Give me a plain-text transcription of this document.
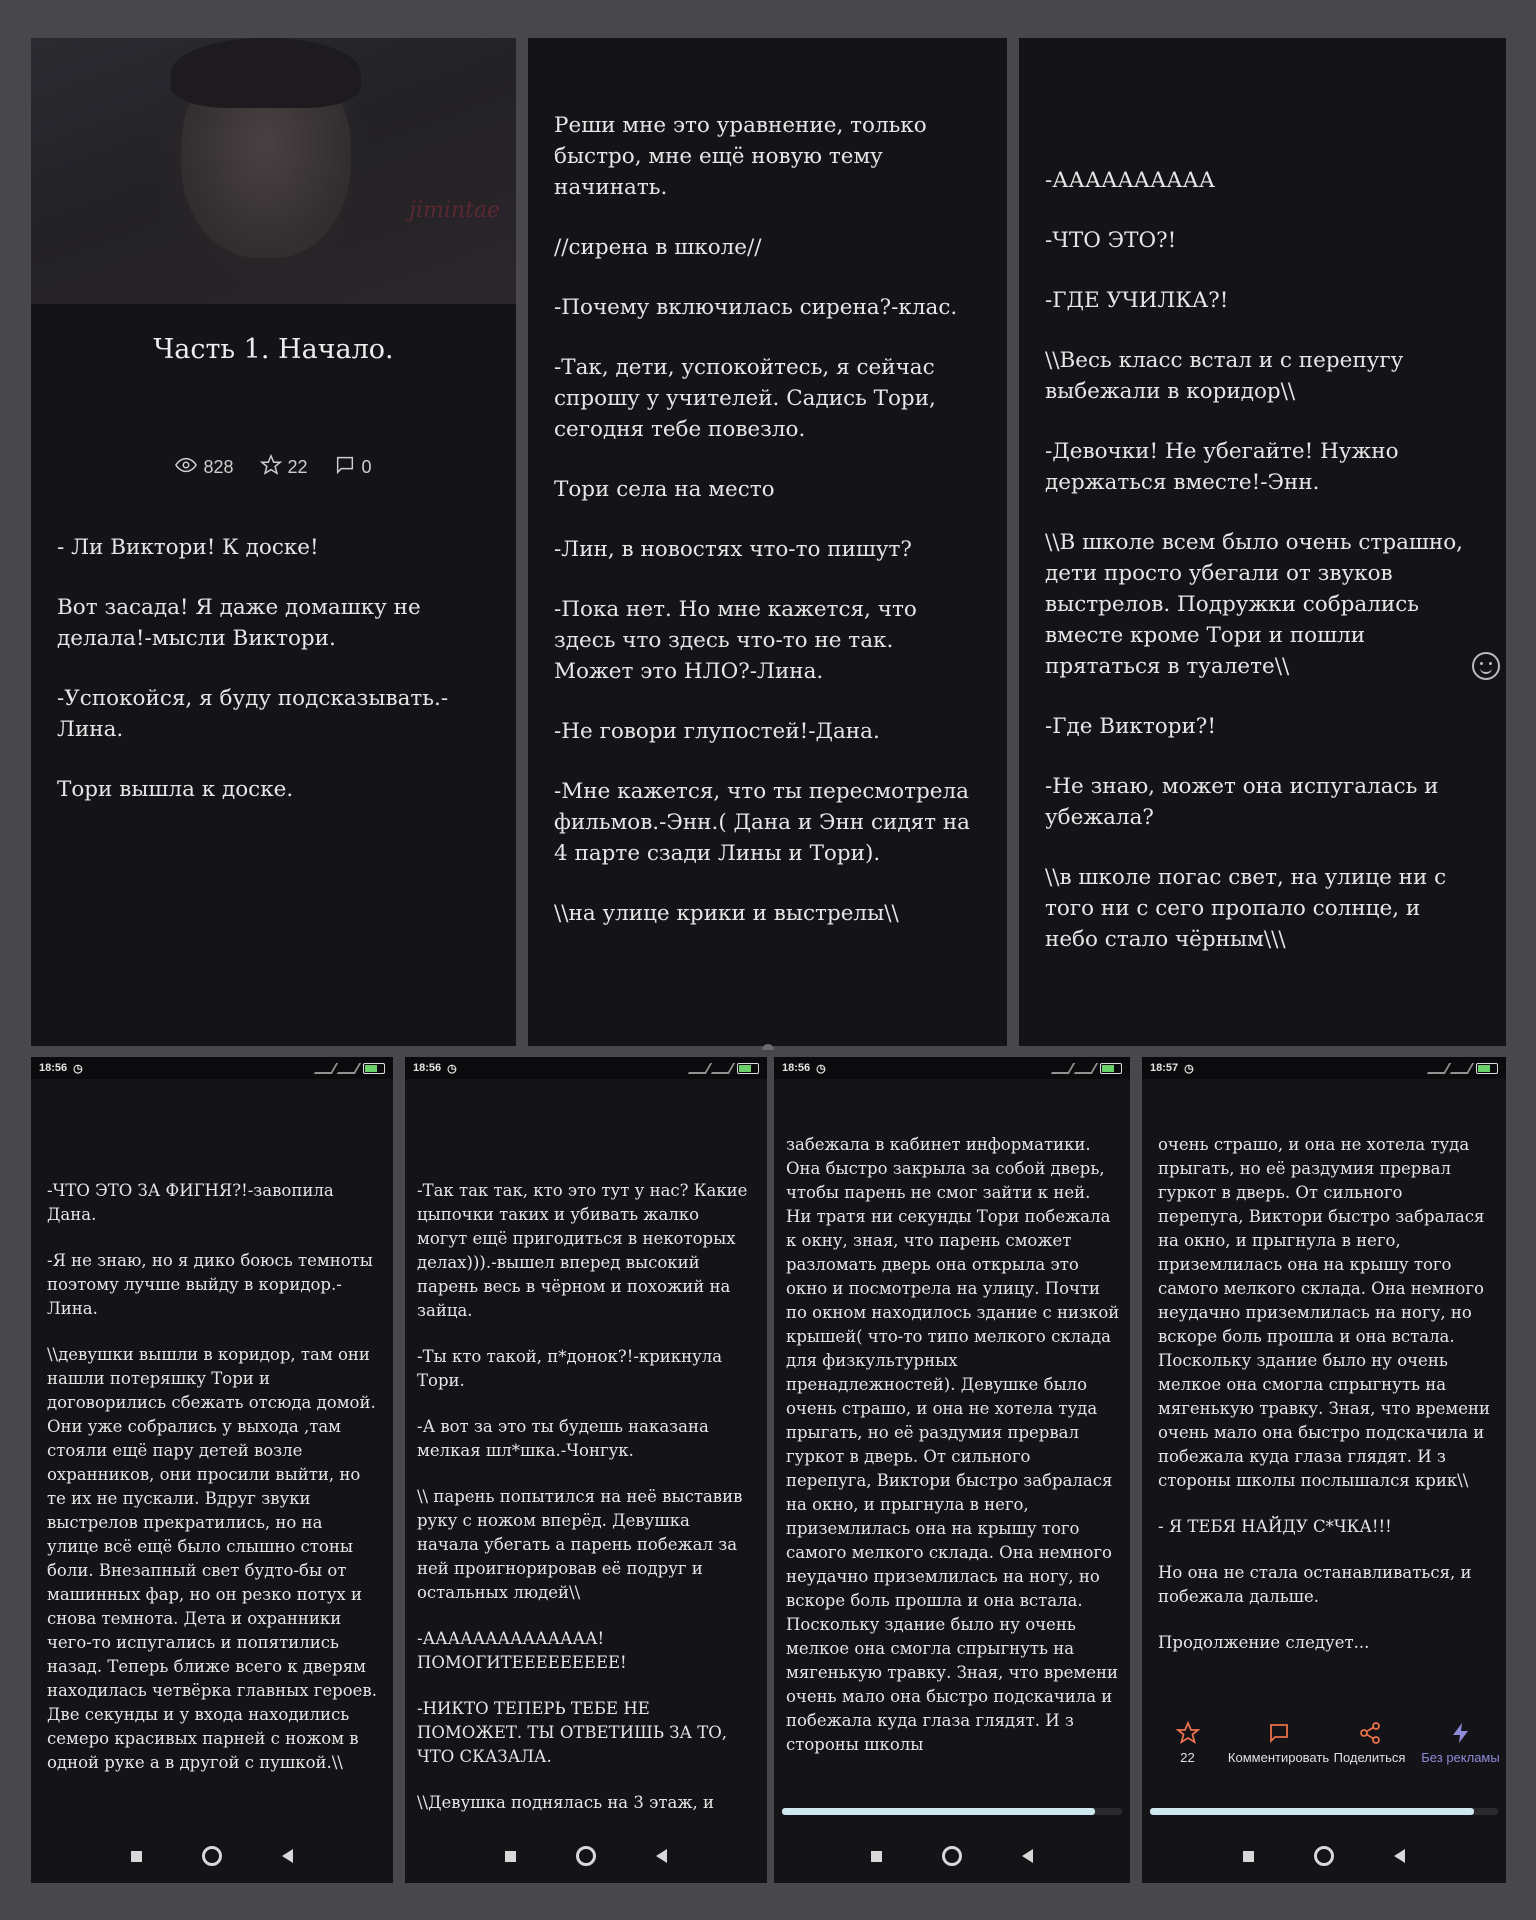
jimintae
Часть 1. Начало.
828	22	0

- Ли Виктори! К доске!

Вот засада! Я даже домашку не делала!-мысли Виктори.

-Успокойся, я буду подсказывать.-Лина.

Тори вышла к доске.

Реши мне это уравнение, только быстро, мне ещё новую тему начинать.

//сирена в школе//

-Почему включилась сирена?-клас.

-Так, дети, успокойтесь, я сейчас спрошу у учителей. Садись Тори, сегодня тебе повезло.

Тори села на место

-Лин, в новостях что-то пишут?

-Пока нет. Но мне кажется, что здесь что здесь что-то не так. Может это НЛО?-Лина.

-Не говори глупостей!-Дана.

-Мне кажется, что ты пересмотрела фильмов.-Энн.( Дана и Энн сидят на 4 парте сзади Лины и Тори).

\\на улице крики и выстрелы\\

-АААААААААА

-ЧТО ЭТО?!

-ГДЕ УЧИЛКА?!

\\Весь класс встал и с перепугу выбежали в коридор\\

-Девочки! Не убегайте! Нужно держаться вместе!-Энн.

\\В школе всем было очень страшно, дети просто убегали от звуков выстрелов. Подружки собрались вместе кроме Тори и пошли прятаться в туалете\\

-Где Виктори?!

-Не знаю, может она испугалась и убежала?

\\в школе погас свет, на улице ни с того ни с сего пропало солнце, и небо стало чёрным\\\

18:56 ◷

-ЧТО ЭТО ЗА ФИГНЯ?!-завопила Дана.

-Я не знаю, но я дико боюсь темноты поэтому лучше выйду в коридор.-Лина.

\\девушки вышли в коридор, там они нашли потеряшку Тори и договорились сбежать отсюда домой. Они уже собрались у выхода ,там стояли ещё пару детей возле охранников, они просили выйти, но те их не пускали. Вдруг звуки выстрелов прекратились, но на улице всё ещё было слышно стоны боли. Внезапный свет будто-бы от машинных фар, но он резко потух и снова темнота. Дета и охранники чего-то испугались и попятились назад. Теперь ближе всего к дверям находилась четвёрка главных героев. Две секунды и у входа находились семеро красивых парней с ножом в одной руке а в другой с пушкой.\\

18:56 ◷

-Так так так, кто это тут у нас? Какие цыпочки таких и убивать жалко могут ещё пригодиться в некоторых делах))).-вышел вперед высокий парень весь в чёрном и похожий на зайца.

-Ты кто такой, п*донок?!-крикнула Тори.

-А вот за это ты будешь наказана мелкая шл*шка.-Чонгук.

\\ парень попытился на неё выставив руку с ножом вперёд. Девушка начала убегать а парень побежал за ней проигнорировав её подруг и остальных людей\\

-АААААААААААААА! ПОМОГИТЕЕЕЕЕЕЕЕЕ!

-НИКТО ТЕПЕРЬ ТЕБЕ НЕ ПОМОЖЕТ. ТЫ ОТВЕТИШЬ ЗА ТО, ЧТО СКАЗАЛА.

\\Девушка поднялась на 3 этаж, и

18:56 ◷

забежала в кабинет информатики. Она быстро закрыла за собой дверь, чтобы парень не смог зайти к ней. Ни тратя ни секунды Тори побежала к окну, зная, что парень сможет разломать дверь она открыла это окно и посмотрела на улицу. Почти по окном находилось здание с низкой крышей( что-то типо мелкого склада для физкультурных пренадлежностей). Девушке было очень страшо, и она не хотела туда прыгать, но её раздумия прервал гуркот в дверь. От сильного перепуга, Виктори быстро забралася на окно, и прыгнула в него, приземлилась она на крышу того самого мелкого склада. Она немного неудачно приземлилась на ногу, но вскоре боль прошла и она встала. Поскольку здание было ну очень мелкое она смогла спрыгнуть на мягенькую травку. Зная, что времени очень мало она быстро подскачила и побежала куда глаза глядят. И з стороны школы

18:57 ◷

очень страшо, и она не хотела туда прыгать, но её раздумия прервал гуркот в дверь. От сильного перепуга, Виктори быстро забралася на окно, и прыгнула в него, приземлилась она на крышу того самого мелкого склада. Она немного неудачно приземлилась на ногу, но вскоре боль прошла и она встала. Поскольку здание было ну очень мелкое она смогла спрыгнуть на мягенькую травку. Зная, что времени очень мало она быстро подскачила и побежала куда глаза глядят. И з стороны школы послышался крик\\

- Я ТЕБЯ НАЙДУ С*ЧКА!!!

Но она не стала останавливаться, и побежала дальше.

Продолжение следует...

22	Комментировать Поделиться Без рекламы
